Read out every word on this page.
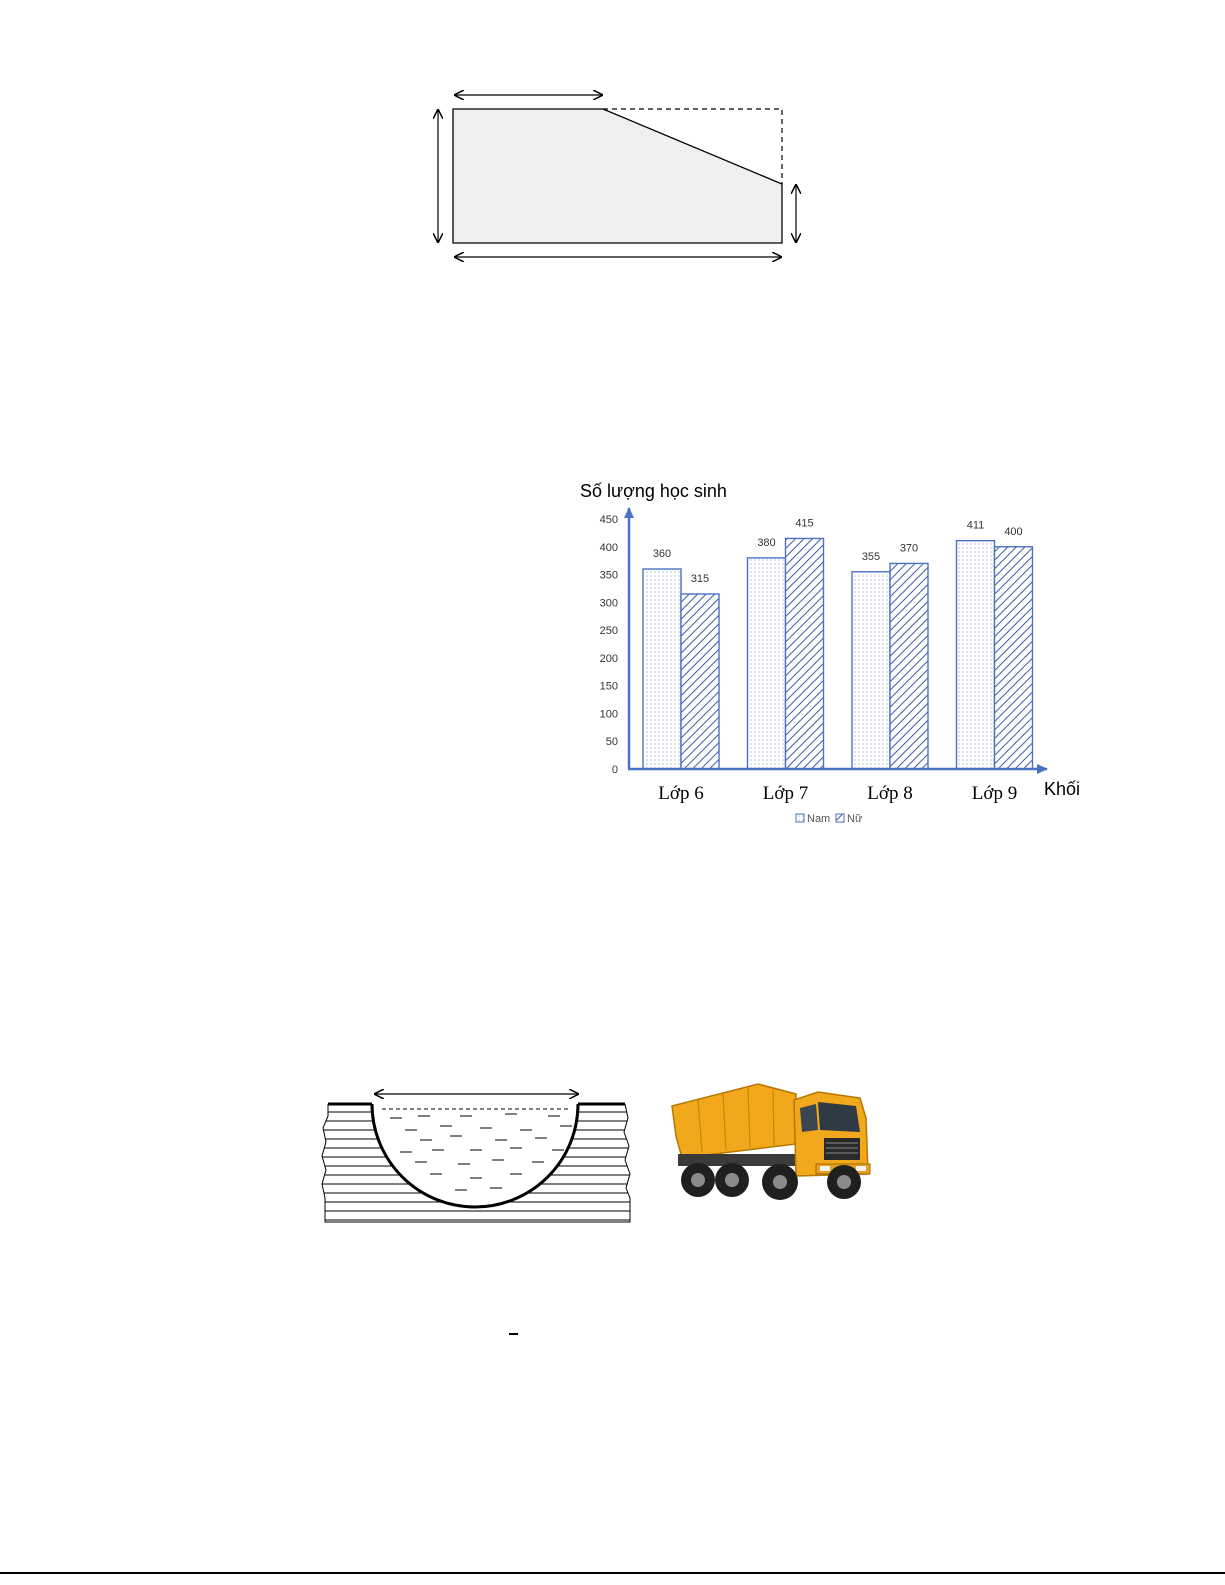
Số lượng học sinh
Khối
0
50
100
150
200
250
300
350
400
450
360
315
380
415
355
370
411
400
Lớp 6	Lớp 7	Lớp 8	Lớp 9
Nam Nữ
